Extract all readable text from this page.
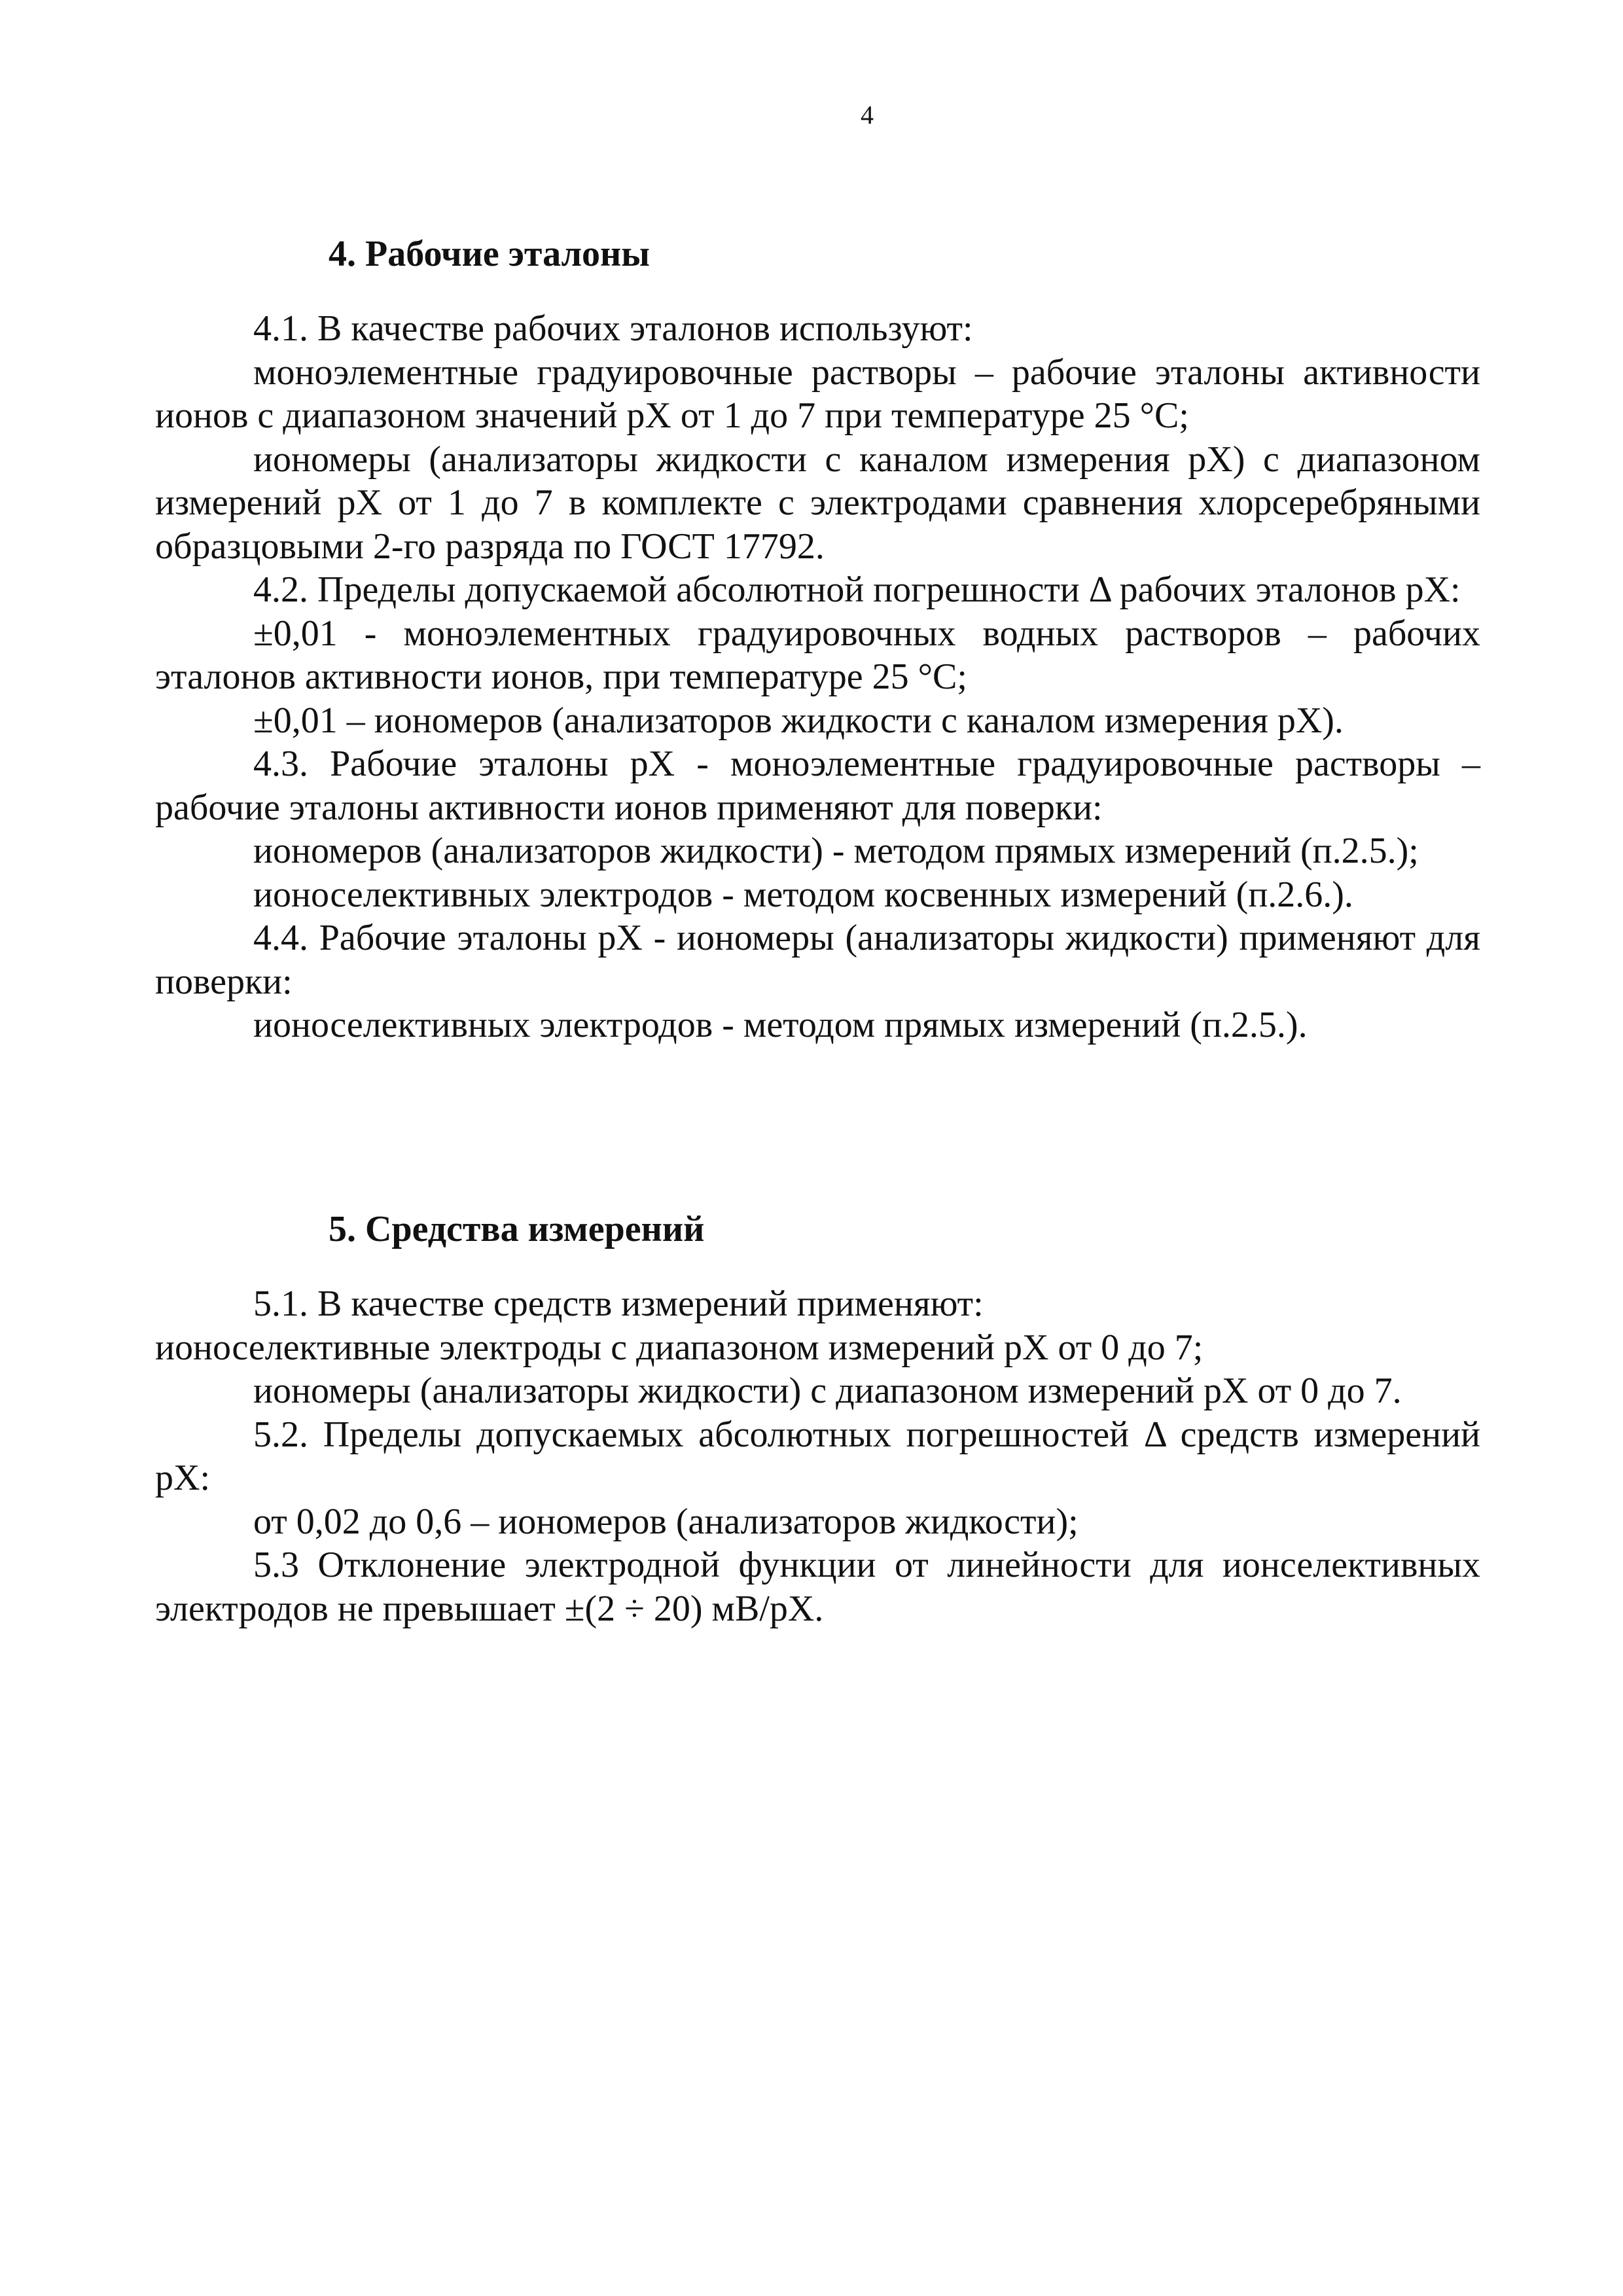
4
4. Рабочие эталоны

4.1. В качестве рабочих эталонов используют:

моноэлементные градуировочные растворы – рабочие эталоны активности ионов с диапазоном значений pX от 1 до 7 при температуре 25 °С;

иономеры (анализаторы жидкости с каналом измерения pX) с диапазоном измерений pX от 1 до 7 в комплекте с электродами сравнения хлорсеребряными образцовыми 2-го разряда по ГОСТ 17792.

4.2. Пределы допускаемой абсолютной погрешности Δ рабочих эталонов pX:

±0,01 - моноэлементных градуировочных водных растворов – рабочих эталонов активности ионов, при температуре 25 °С;

±0,01 – иономеров (анализаторов жидкости с каналом измерения pX).

4.3. Рабочие эталоны pX - моноэлементные градуировочные растворы – рабочие эталоны активности ионов применяют для поверки:

иономеров (анализаторов жидкости) - методом прямых измерений (п.2.5.);

ионоселективных электродов - методом косвенных измерений (п.2.6.).

4.4. Рабочие эталоны pX - иономеры (анализаторы жидкости) применяют для поверки:

ионоселективных электродов - методом прямых измерений (п.2.5.).

5. Средства измерений

5.1. В качестве средств измерений применяют:

ионоселективные электроды с диапазоном измерений pX от 0 до 7;

иономеры (анализаторы жидкости) с диапазоном измерений pX от 0 до 7.

5.2. Пределы допускаемых абсолютных погрешностей Δ средств измерений pX:

от 0,02 до 0,6 – иономеров (анализаторов жидкости);

5.3 Отклонение электродной функции от линейности для ионселективных электродов не превышает ±(2 ÷ 20) мВ/pX.
